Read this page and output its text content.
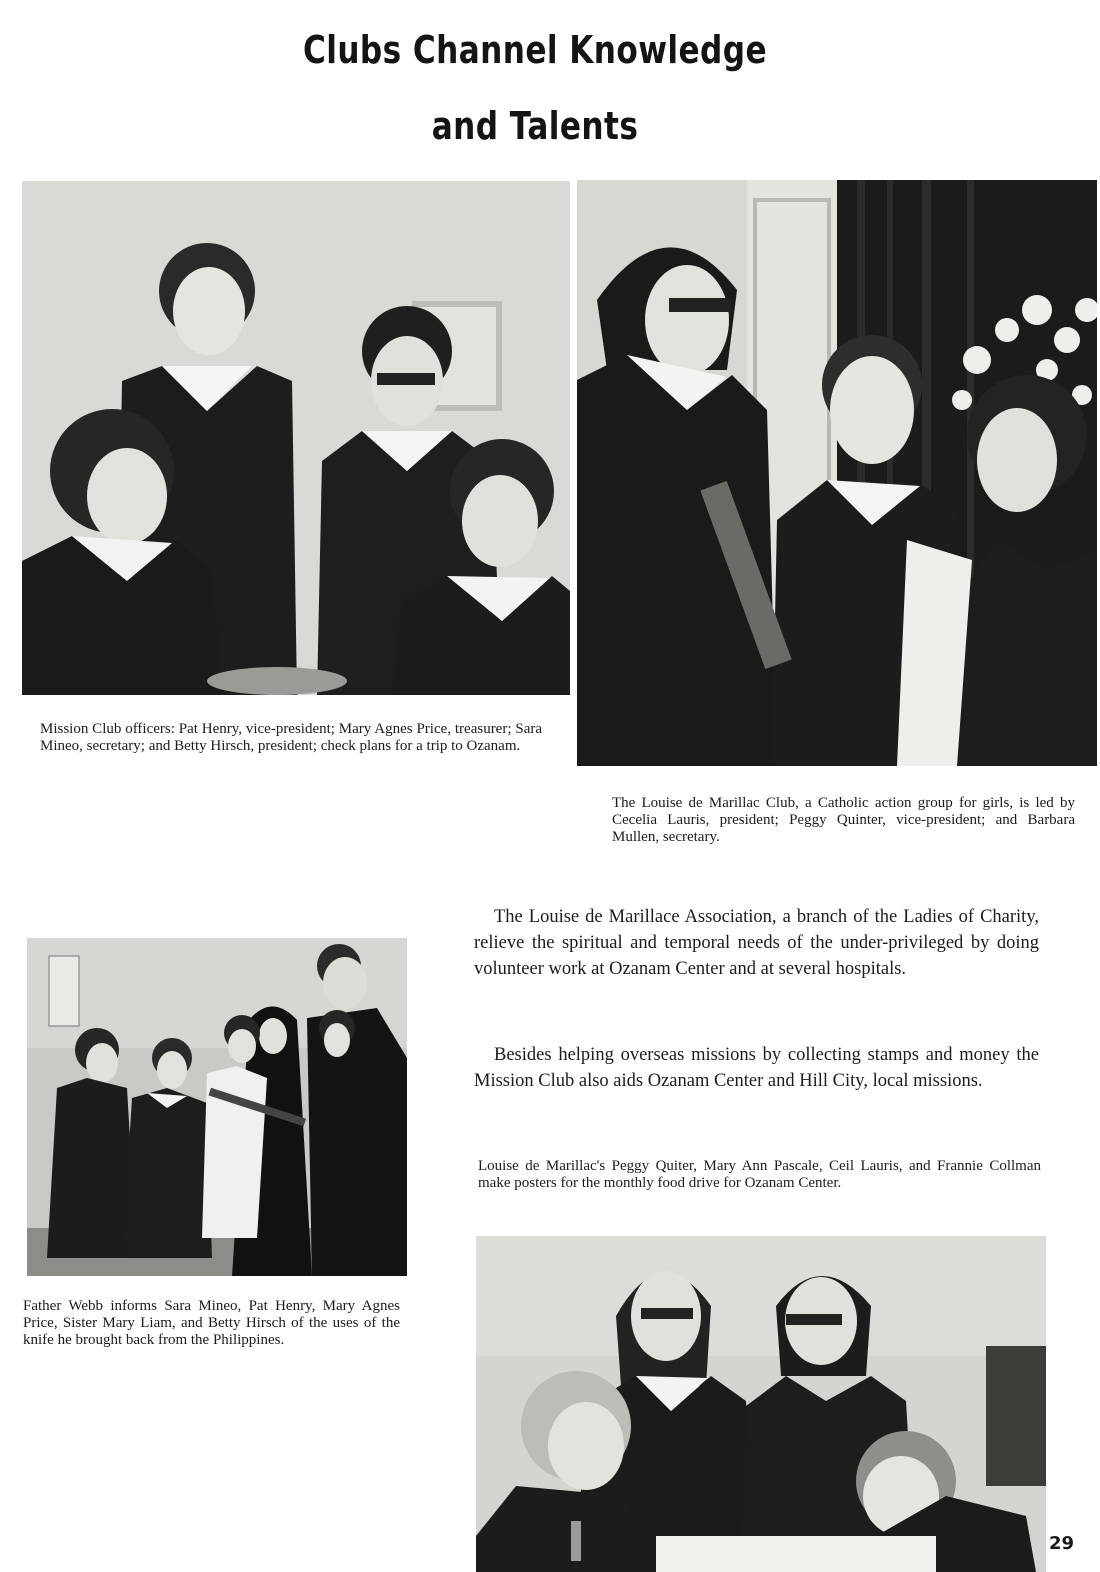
Clubs Channel Knowledge
and Talents
Mission Club officers: Pat Henry, vice-president; Mary Agnes Price, treasurer; Sara Mineo, secretary; and Betty Hirsch, president; check plans for a trip to Ozanam.
The Louise de Marillac Club, a Catholic action group for girls, is led by Cecelia Lauris, president; Peggy Quinter, vice-president; and Barbara Mullen, secretary.
Father Webb informs Sara Mineo, Pat Henry, Mary Agnes Price, Sister Mary Liam, and Betty Hirsch of the uses of the knife he brought back from the Philippines.

The Louise de Marillace Association, a branch of the Ladies of Charity, relieve the spiritual and temporal needs of the under-privileged by doing volunteer work at Ozanam Center and at several hospitals.

Besides helping overseas missions by collecting stamps and money the Mission Club also aids Ozanam Center and Hill City, local missions.

Louise de Marillac's Peggy Quiter, Mary Ann Pascale, Ceil Lauris, and Frannie Collman make posters for the monthly food drive for Ozanam Center.
29
